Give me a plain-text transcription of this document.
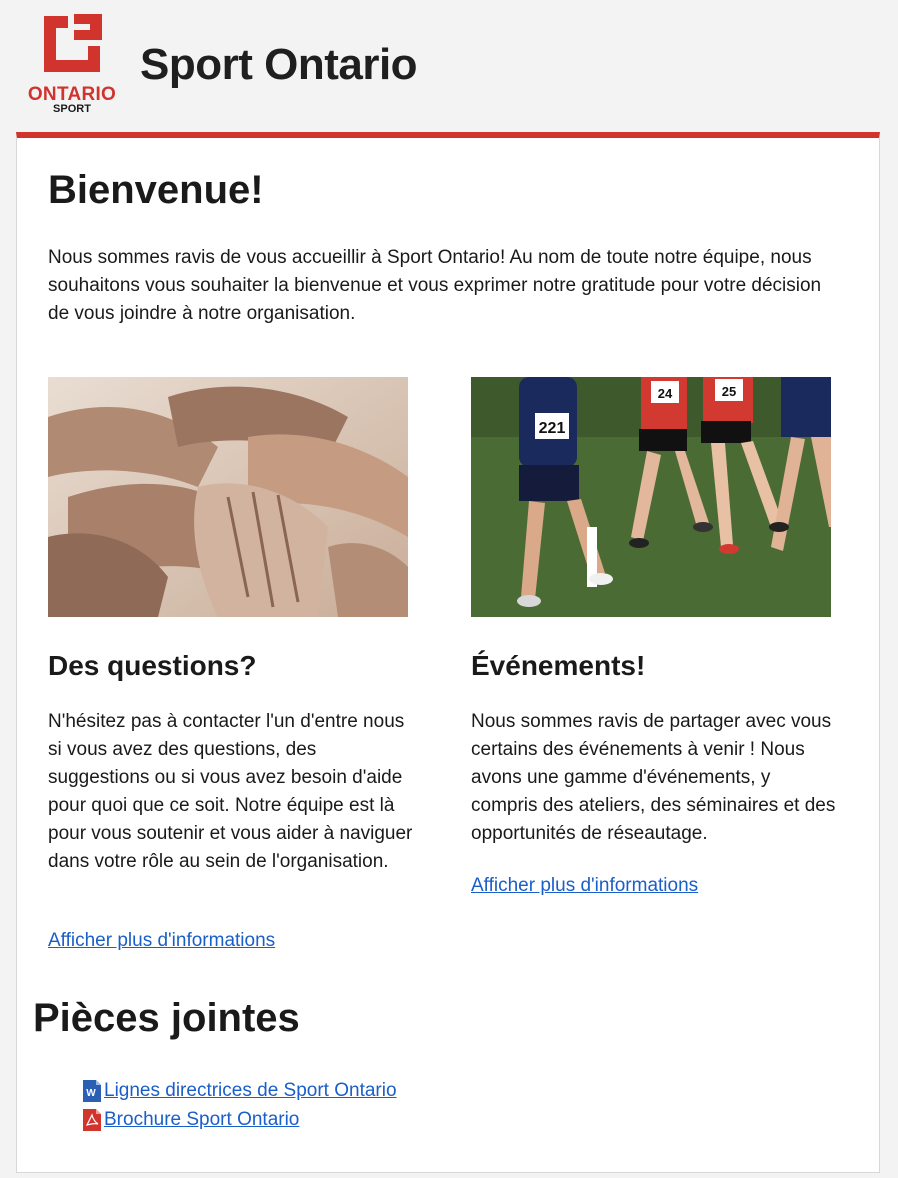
ONTARIO
SPORT
Sport Ontario
Bienvenue!

Nous sommes ravis de vous accueillir à Sport Ontario! Au nom de toute notre équipe, nous souhaitons vous souhaiter la bienvenue et vous exprimer notre gratitude pour votre décision de vous joindre à notre organisation.

221
24	25
Des questions?

N'hésitez pas à contacter l'un d'entre nous si vous avez des questions, des suggestions ou si vous avez besoin d'aide pour quoi que ce soit. Notre équipe est là pour vous soutenir et vous aider à naviguer dans votre rôle au sein de l'organisation.

Afficher plus d'informations
Événements!

Nous sommes ravis de partager avec vous certains des événements à venir ! Nous avons une gamme d'événements, y compris des ateliers, des séminaires et des opportunités de réseautage.

Afficher plus d'informations
Pièces jointes
W Lignes directrices de Sport Ontario
Brochure Sport Ontario
